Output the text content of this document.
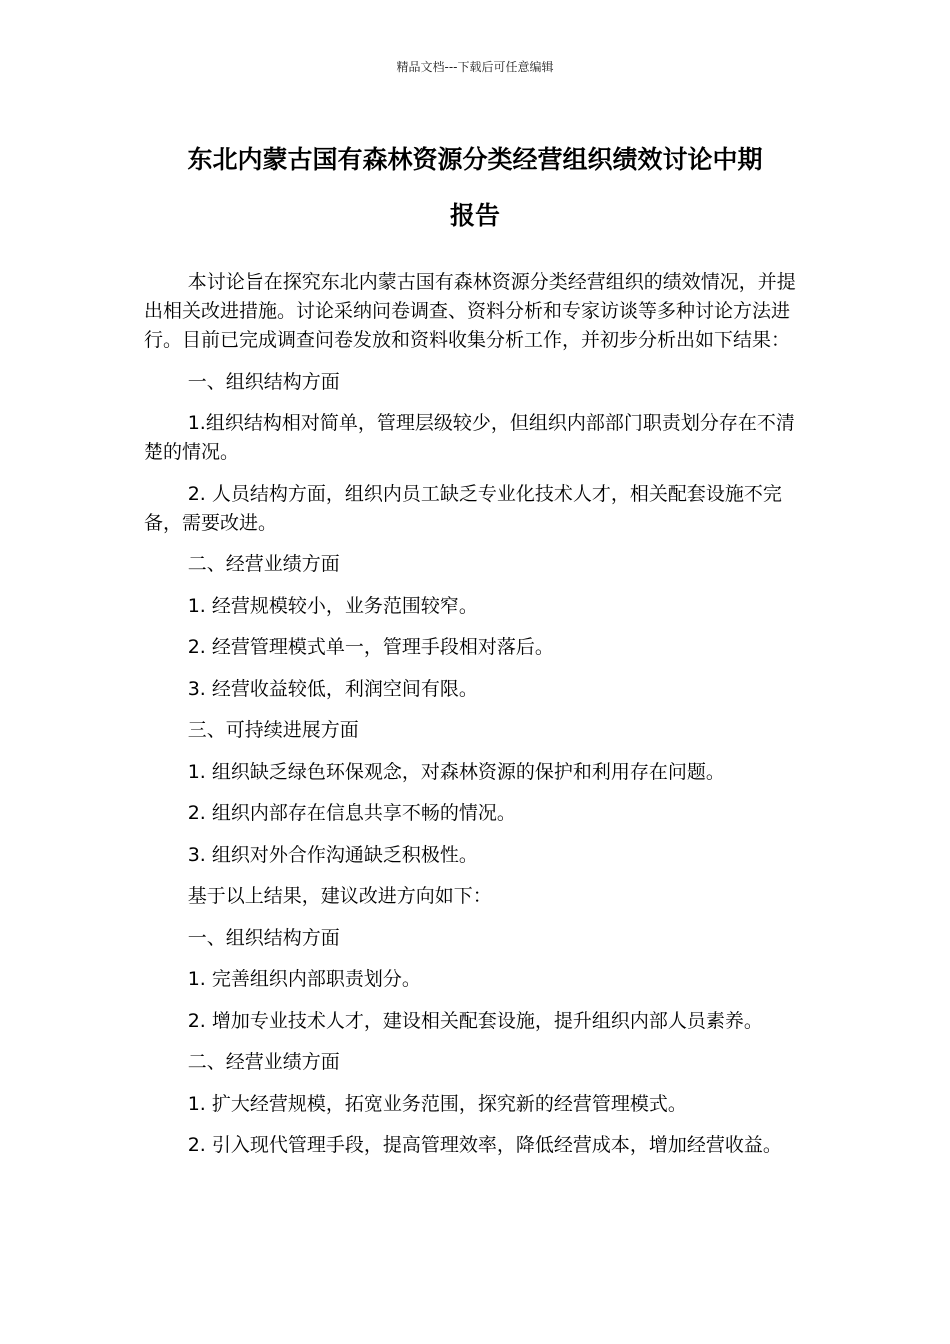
精品文档---下载后可任意编辑
东北内蒙古国有森林资源分类经营组织绩效讨论中期
报告

本讨论旨在探究东北内蒙古国有森林资源分类经营组织的绩效情况，并提出相关改进措施。讨论采纳问卷调查、资料分析和专家访谈等多种讨论方法进行。目前已完成调查问卷发放和资料收集分析工作，并初步分析出如下结果：

一、组织结构方面

1.组织结构相对简单，管理层级较少，但组织内部部门职责划分存在不清楚的情况。

2. 人员结构方面，组织内员工缺乏专业化技术人才，相关配套设施不完备，需要改进。

二、经营业绩方面

1. 经营规模较小，业务范围较窄。

2. 经营管理模式单一，管理手段相对落后。

3. 经营收益较低，利润空间有限。

三、可持续进展方面

1. 组织缺乏绿色环保观念，对森林资源的保护和利用存在问题。

2. 组织内部存在信息共享不畅的情况。

3. 组织对外合作沟通缺乏积极性。

基于以上结果，建议改进方向如下：

一、组织结构方面

1. 完善组织内部职责划分。

2. 增加专业技术人才，建设相关配套设施，提升组织内部人员素养。

二、经营业绩方面

1. 扩大经营规模，拓宽业务范围，探究新的经营管理模式。

2. 引入现代管理手段，提高管理效率，降低经营成本，增加经营收益。
